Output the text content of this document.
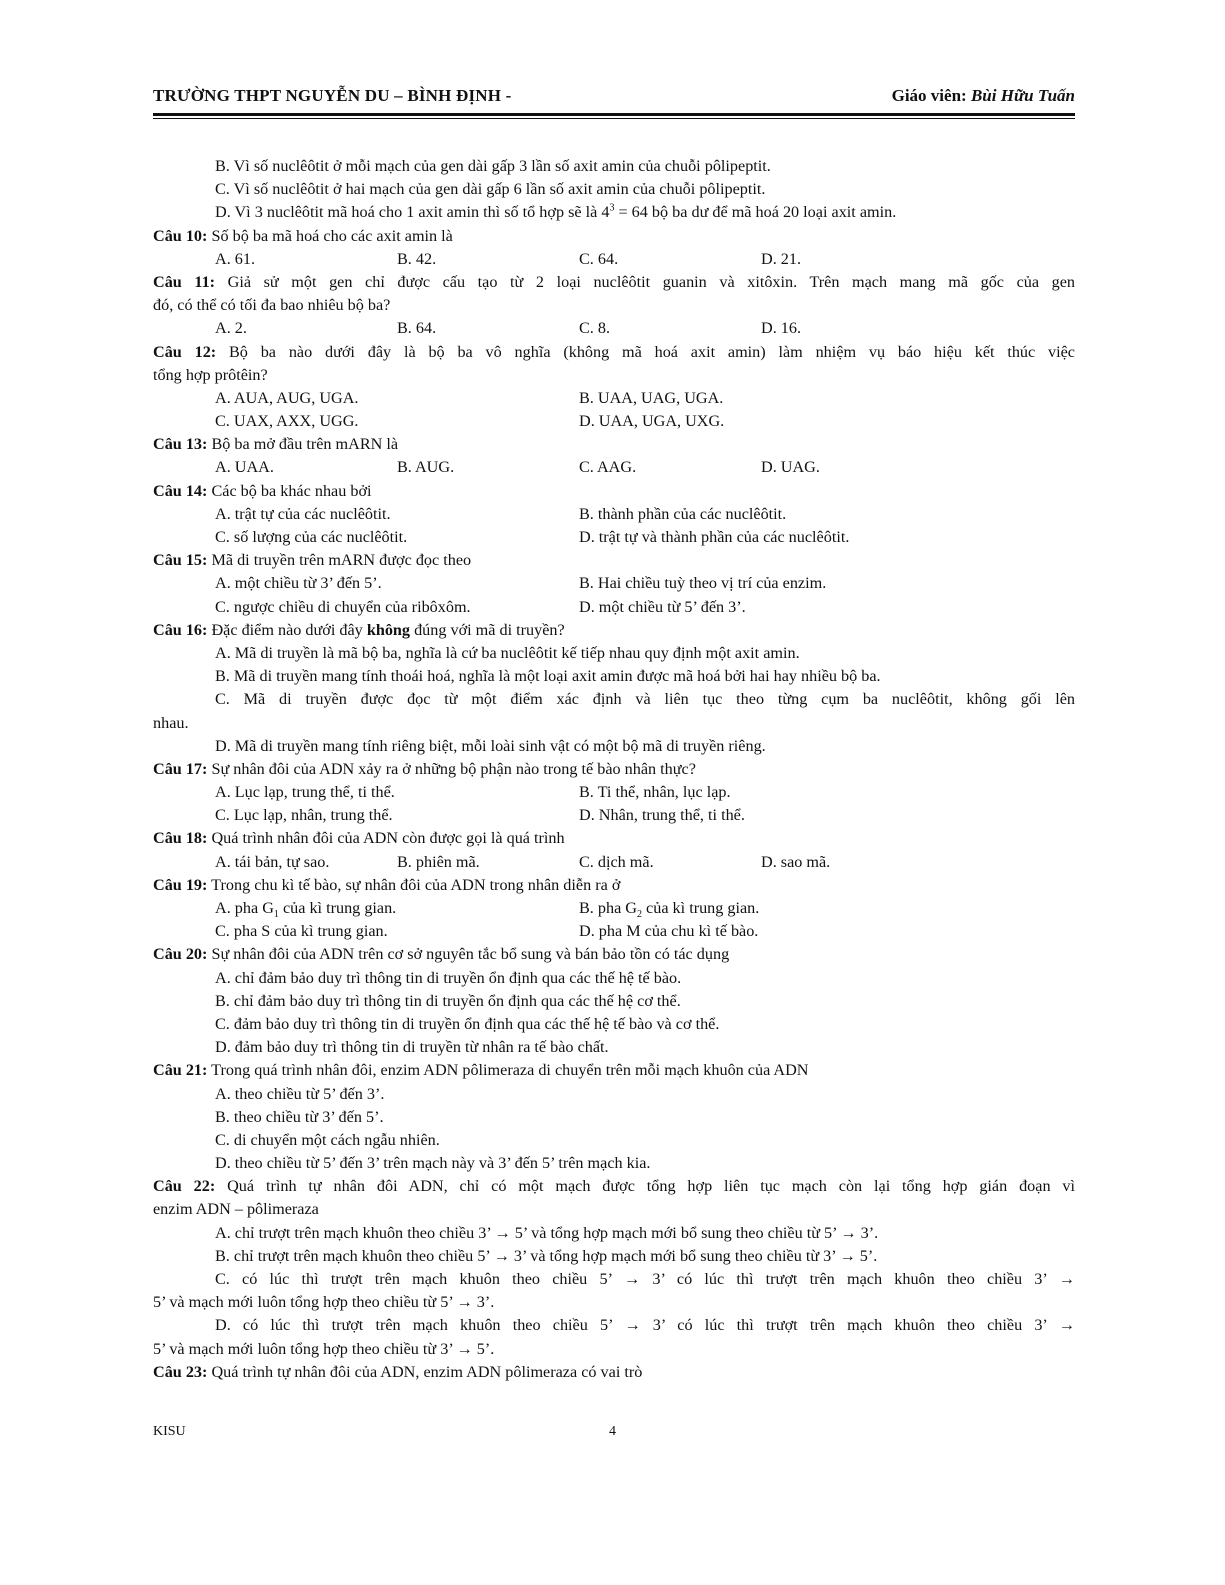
TRƯỜNG THPT NGUYỄN DU – BÌNH ĐỊNH -	Giáo viên: Bùi Hữu Tuấn
B. Vì số nuclêôtit ở mỗi mạch của gen dài gấp 3 lần số axit amin của chuỗi pôlipeptit.
C. Vì số nuclêôtit ở hai mạch của gen dài gấp 6 lần số axit amin của chuỗi pôlipeptit.
D. Vì 3 nuclêôtit mã hoá cho 1 axit amin thì số tổ hợp sẽ là $4^3 = 64$ bộ ba dư để mã hoá 20 loại axit amin.
Câu 10: Số bộ ba mã hoá cho các axit amin là
A. 61.	B. 42.	C. 64.	D. 21.
Câu 11: Giả sử một gen chỉ được cấu tạo từ 2 loại nuclêôtit guanin và xitôxin. Trên mạch mang mã gốc của gen
đó, có thể có tối đa bao nhiêu bộ ba?
A. 2.	B. 64.	C. 8.	D. 16.
Câu 12: Bộ ba nào dưới đây là bộ ba vô nghĩa (không mã hoá axit amin) làm nhiệm vụ báo hiệu kết thúc việc
tổng hợp prôtêin?
A. AUA, AUG, UGA.	B. UAA, UAG, UGA.
C. UAX, AXX, UGG.	D. UAA, UGA, UXG.
Câu 13: Bộ ba mở đầu trên mARN là
A. UAA.	B. AUG.	C. AAG.	D. UAG.
Câu 14: Các bộ ba khác nhau bởi
A. trật tự của các nuclêôtit.	B. thành phần của các nuclêôtit.
C. số lượng của các nuclêôtit.	D. trật tự và thành phần của các nuclêôtit.
Câu 15: Mã di truyền trên mARN được đọc theo
A. một chiều từ 3’ đến 5’.	B. Hai chiều tuỳ theo vị trí của enzim.
C. ngược chiều di chuyển của ribôxôm.	D. một chiều từ 5’ đến 3’.
Câu 16: Đặc điểm nào dưới đây không đúng với mã di truyền?
A. Mã di truyền là mã bộ ba, nghĩa là cứ ba nuclêôtit kế tiếp nhau quy định một axit amin.
B. Mã di truyền mang tính thoái hoá, nghĩa là một loại axit amin được mã hoá bởi hai hay nhiều bộ ba.
C. Mã di truyền được đọc từ một điểm xác định và liên tục theo từng cụm ba nuclêôtit, không gối lên
nhau.
D. Mã di truyền mang tính riêng biệt, mỗi loài sinh vật có một bộ mã di truyền riêng.
Câu 17: Sự nhân đôi của ADN xảy ra ở những bộ phận nào trong tế bào nhân thực?
A. Lục lạp, trung thể, ti thể.	B. Ti thể, nhân, lục lạp.
C. Lục lạp, nhân, trung thể.	D. Nhân, trung thể, ti thể.
Câu 18: Quá trình nhân đôi của ADN còn được gọi là quá trình
A. tái bản, tự sao.	B. phiên mã.	C. dịch mã.	D. sao mã.
Câu 19: Trong chu kì tế bào, sự nhân đôi của ADN trong nhân diễn ra ở
A. pha $G_1$ của kì trung gian.	B. pha $G_2$ của kì trung gian.
C. pha S của kì trung gian.	D. pha M của chu kì tế bào.
Câu 20: Sự nhân đôi của ADN trên cơ sở nguyên tắc bổ sung và bán bảo tồn có tác dụng
A. chỉ đảm bảo duy trì thông tin di truyền ổn định qua các thế hệ tế bào.
B. chỉ đảm bảo duy trì thông tin di truyền ổn định qua các thế hệ cơ thể.
C. đảm bảo duy trì thông tin di truyền ổn định qua các thế hệ tế bào và cơ thể.
D. đảm bảo duy trì thông tin di truyền từ nhân ra tế bào chất.
Câu 21: Trong quá trình nhân đôi, enzim ADN pôlimeraza di chuyển trên mỗi mạch khuôn của ADN
A. theo chiều từ 5’ đến 3’.
B. theo chiều từ 3’ đến 5’.
C. di chuyển một cách ngẫu nhiên.
D. theo chiều từ 5’ đến 3’ trên mạch này và 3’ đến 5’ trên mạch kia.
Câu 22: Quá trình tự nhân đôi ADN, chỉ có một mạch được tổng hợp liên tục mạch còn lại tổng hợp gián đoạn vì
enzim ADN – pôlimeraza
A. chỉ trượt trên mạch khuôn theo chiều 3’ → 5’ và tổng hợp mạch mới bổ sung theo chiều từ 5’ → 3’.
B. chỉ trượt trên mạch khuôn theo chiều 5’ → 3’ và tổng hợp mạch mới bổ sung theo chiều từ 3’ → 5’.
C. có lúc thì trượt trên mạch khuôn theo chiều 5’ → 3’ có lúc thì trượt trên mạch khuôn theo chiều 3’ →
5’ và mạch mới luôn tổng hợp theo chiều từ 5’ → 3’.
D. có lúc thì trượt trên mạch khuôn theo chiều 5’ → 3’ có lúc thì trượt trên mạch khuôn theo chiều 3’ →
5’ và mạch mới luôn tổng hợp theo chiều từ 3’ → 5’.
Câu 23: Quá trình tự nhân đôi của ADN, enzim ADN pôlimeraza có vai trò
KISU	4
